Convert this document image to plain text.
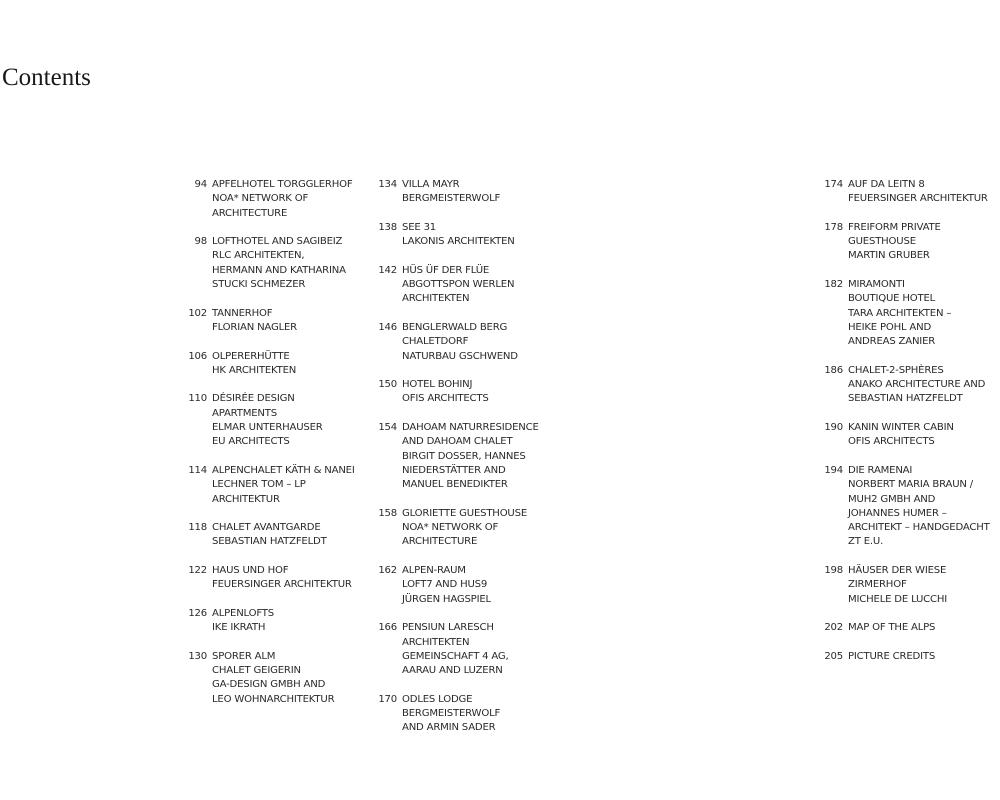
Contents
94 APFELHOTEL TORGGLERHOF
NOA* NETWORK OF
ARCHITECTURE
98 LOFTHOTEL AND SAGIBEIZ
RLC ARCHITEKTEN,
HERMANN AND KATHARINA
STUCKI SCHMEZER
102 TANNERHOF
FLORIAN NAGLER
106 OLPERERHÜTTE
HK ARCHITEKTEN
110 DÉSIRÉE DESIGN
APARTMENTS
ELMAR UNTERHAUSER
EU ARCHITECTS
114 ALPENCHALET KÄTH & NANEI
LECHNER TOM – LP
ARCHITEKTUR
118 CHALET AVANTGARDE
SEBASTIAN HATZFELDT
122 HAUS UND HOF
FEUERSINGER ARCHITEKTUR
126 ALPENLOFTS
IKE IKRATH
130 SPORER ALM
CHALET GEIGERIN
GA-DESIGN GMBH AND
LEO WOHNARCHITEKTUR
134 VILLA MAYR
BERGMEISTERWOLF
138 SEE 31
LAKONIS ARCHITEKTEN
142 HÜS ÜF DER FLÜE
ABGOTTSPON WERLEN
ARCHITEKTEN
146 BENGLERWALD BERG
CHALETDORF
NATURBAU GSCHWEND
150 HOTEL BOHINJ
OFIS ARCHITECTS
154 DAHOAM NATURRESIDENCE
AND DAHOAM CHALET
BIRGIT DOSSER, HANNES
NIEDERSTÄTTER AND
MANUEL BENEDIKTER
158 GLORIETTE GUESTHOUSE
NOA* NETWORK OF
ARCHITECTURE
162 ALPEN-RAUM
LOFT7 AND HUS9
JÜRGEN HAGSPIEL
166 PENSIUN LARESCH
ARCHITEKTEN
GEMEINSCHAFT 4 AG,
AARAU AND LUZERN
170 ODLES LODGE
BERGMEISTERWOLF
AND ARMIN SADER
174 AUF DA LEITN 8
FEUERSINGER ARCHITEKTUR
178 FREIFORM PRIVATE
GUESTHOUSE
MARTIN GRUBER
182 MIRAMONTI
BOUTIQUE HOTEL
TARA ARCHITEKTEN –
HEIKE POHL AND
ANDREAS ZANIER
186 CHALET-2-SPHÈRES
ANAKO ARCHITECTURE AND
SEBASTIAN HATZFELDT
190 KANIN WINTER CABIN
OFIS ARCHITECTS
194 DIE RAMENAI
NORBERT MARIA BRAUN /
MUH2 GMBH AND
JOHANNES HUMER –
ARCHITEKT – HANDGEDACHT
ZT E.U.
198 HÄUSER DER WIESE
ZIRMERHOF
MICHELE DE LUCCHI
202 MAP OF THE ALPS
205 PICTURE CREDITS
